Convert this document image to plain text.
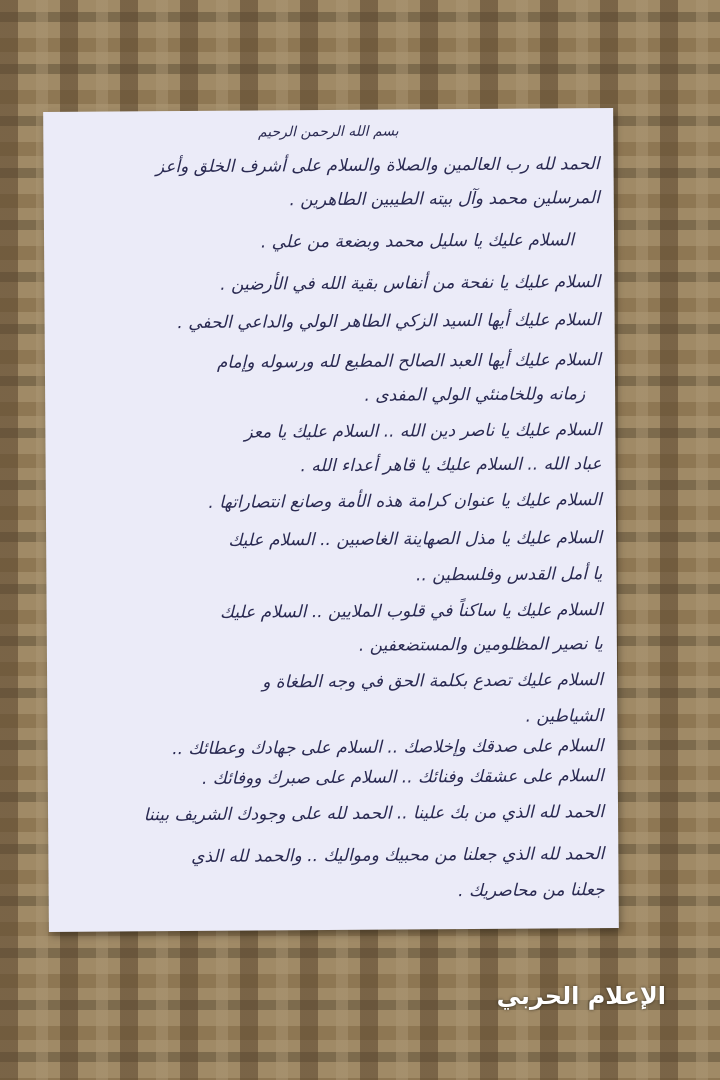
بسم الله الرحمن الرحيم
الحمد لله رب العالمين والصلاة والسلام على أشرف الخلق وأعز
المرسلين محمد وآل بيته الطيبين الطاهرين .
السلام عليك يا سليل محمد وبضعة من علي .
السلام عليك يا نفحة من أنفاس بقية الله في الأرضين .
السلام عليك أيها السيد الزكي الطاهر الولي والداعي الحفي .
السلام عليك أيها العبد الصالح المطيع لله ورسوله وإمام
زمانه وللخامنئي الولي المفدى .
السلام عليك يا ناصر دين الله .. السلام عليك يا معز
عباد الله .. السلام عليك يا قاهر أعداء الله .
السلام عليك يا عنوان كرامة هذه الأمة وصانع انتصاراتها .
السلام عليك يا مذل الصهاينة الغاصبين .. السلام عليك
يا أمل القدس وفلسطين ..
السلام عليك يا ساكناً في قلوب الملايين .. السلام عليك
يا نصير المظلومين والمستضعفين .
السلام عليك تصدع بكلمة الحق في وجه الطغاة و
الشياطين .
السلام على صدقك وإخلاصك .. السلام على جهادك وعطائك ..
السلام على عشقك وفنائك .. السلام على صبرك ووفائك .
الحمد لله الذي من بك علينا .. الحمد لله على وجودك الشريف بيننا
الحمد لله الذي جعلنا من محبيك ومواليك .. والحمد لله الذي
جعلنا من محاصريك .
الإعلام الحربي
